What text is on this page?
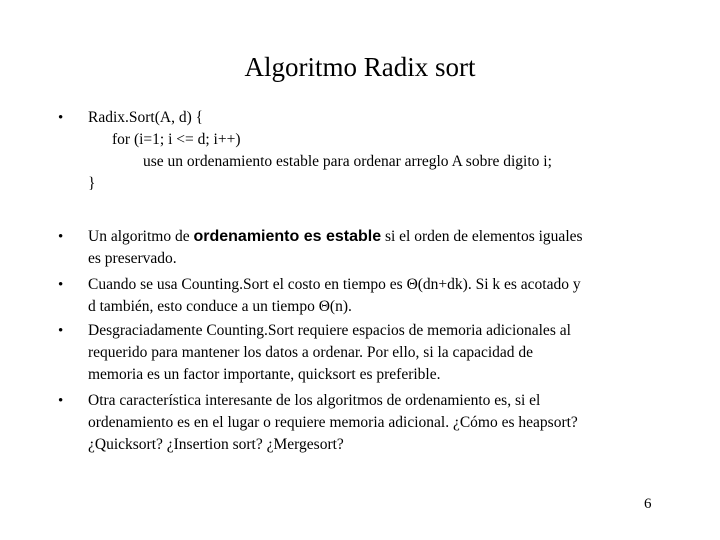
Algoritmo Radix sort
• Radix.Sort(A, d) {
for (i=1; i <= d; i++)
use un ordenamiento estable para ordenar arreglo A sobre digito i;
}
• Un algoritmo de ordenamiento es estable si el orden de elementos iguales
es preservado.
• Cuando se usa Counting.Sort el costo en tiempo es Θ(dn+dk). Si k es acotado y
d también, esto conduce a un tiempo Θ(n).
• Desgraciadamente Counting.Sort requiere espacios de memoria adicionales al
requerido para mantener los datos a ordenar. Por ello, si la capacidad de
memoria es un factor importante, quicksort es preferible.
• Otra característica interesante de los algoritmos de ordenamiento es, si el
ordenamiento es en el lugar o requiere memoria adicional. ¿Cómo es heapsort?
¿Quicksort? ¿Insertion sort? ¿Mergesort?
6
